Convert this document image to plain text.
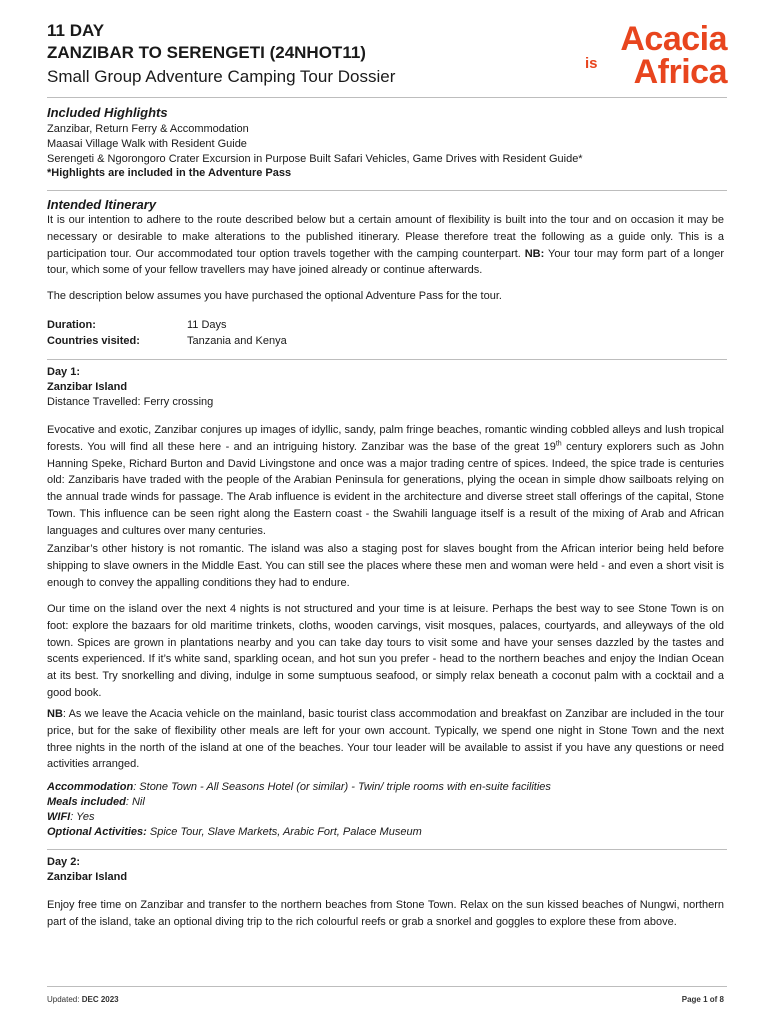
11 DAY
ZANZIBAR TO SERENGETI (24NHOT11)
Small Group Adventure Camping Tour Dossier
Acacia
is Africa
Included Highlights
Zanzibar, Return Ferry & Accommodation
Maasai Village Walk with Resident Guide
Serengeti & Ngorongoro Crater Excursion in Purpose Built Safari Vehicles, Game Drives with Resident Guide*
*Highlights are included in the Adventure Pass
Intended Itinerary
It is our intention to adhere to the route described below but a certain amount of flexibility is built into the tour and on occasion it may be necessary or desirable to make alterations to the published itinerary. Please therefore treat the following as a guide only. This is a participation tour. Our accommodated tour option travels together with the camping counterpart. NB: Your tour may form part of a longer tour, which some of your fellow travellers may have joined already or continue afterwards.
The description below assumes you have purchased the optional Adventure Pass for the tour.
Duration:	11 Days
Countries visited:	Tanzania and Kenya
Day 1:
Zanzibar Island
Distance Travelled: Ferry crossing
Evocative and exotic, Zanzibar conjures up images of idyllic, sandy, palm fringe beaches, romantic winding cobbled alleys and lush tropical forests. You will find all these here - and an intriguing history. Zanzibar was the base of the great 19th century explorers such as John Hanning Speke, Richard Burton and David Livingstone and once was a major trading centre of spices. Indeed, the spice trade is centuries old: Zanzibaris have traded with the people of the Arabian Peninsula for generations, plying the ocean in simple dhow sailboats relying on the annual trade winds for passage. The Arab influence is evident in the architecture and diverse street stall offerings of the capital, Stone Town. This influence can be seen right along the Eastern coast - the Swahili language itself is a result of the mixing of Arab and African languages and cultures over many centuries.
Zanzibar’s other history is not romantic. The island was also a staging post for slaves bought from the African interior being held before shipping to slave owners in the Middle East. You can still see the places where these men and woman were held - and even a short visit is enough to convey the appalling conditions they had to endure.
Our time on the island over the next 4 nights is not structured and your time is at leisure. Perhaps the best way to see Stone Town is on foot: explore the bazaars for old maritime trinkets, cloths, wooden carvings, visit mosques, palaces, courtyards, and alleyways of the old town. Spices are grown in plantations nearby and you can take day tours to visit some and have your senses dazzled by the tastes and scents experienced. If it’s white sand, sparkling ocean, and hot sun you prefer - head to the northern beaches and enjoy the Indian Ocean at its best. Try snorkelling and diving, indulge in some sumptuous seafood, or simply relax beneath a coconut palm with a cocktail and a good book.
NB: As we leave the Acacia vehicle on the mainland, basic tourist class accommodation and breakfast on Zanzibar are included in the tour price, but for the sake of flexibility other meals are left for your own account. Typically, we spend one night in Stone Town and the next three nights in the north of the island at one of the beaches. Your tour leader will be available to assist if you have any questions or need activities arranged.
Accommodation: Stone Town - All Seasons Hotel (or similar) - Twin/ triple rooms with en-suite facilities
Meals included: Nil
WIFI: Yes
Optional Activities: Spice Tour, Slave Markets, Arabic Fort, Palace Museum
Day 2:
Zanzibar Island
Enjoy free time on Zanzibar and transfer to the northern beaches from Stone Town. Relax on the sun kissed beaches of Nungwi, northern part of the island, take an optional diving trip to the rich colourful reefs or grab a snorkel and goggles to explore these from above.
Updated: DEC 2023	Page 1 of 8
